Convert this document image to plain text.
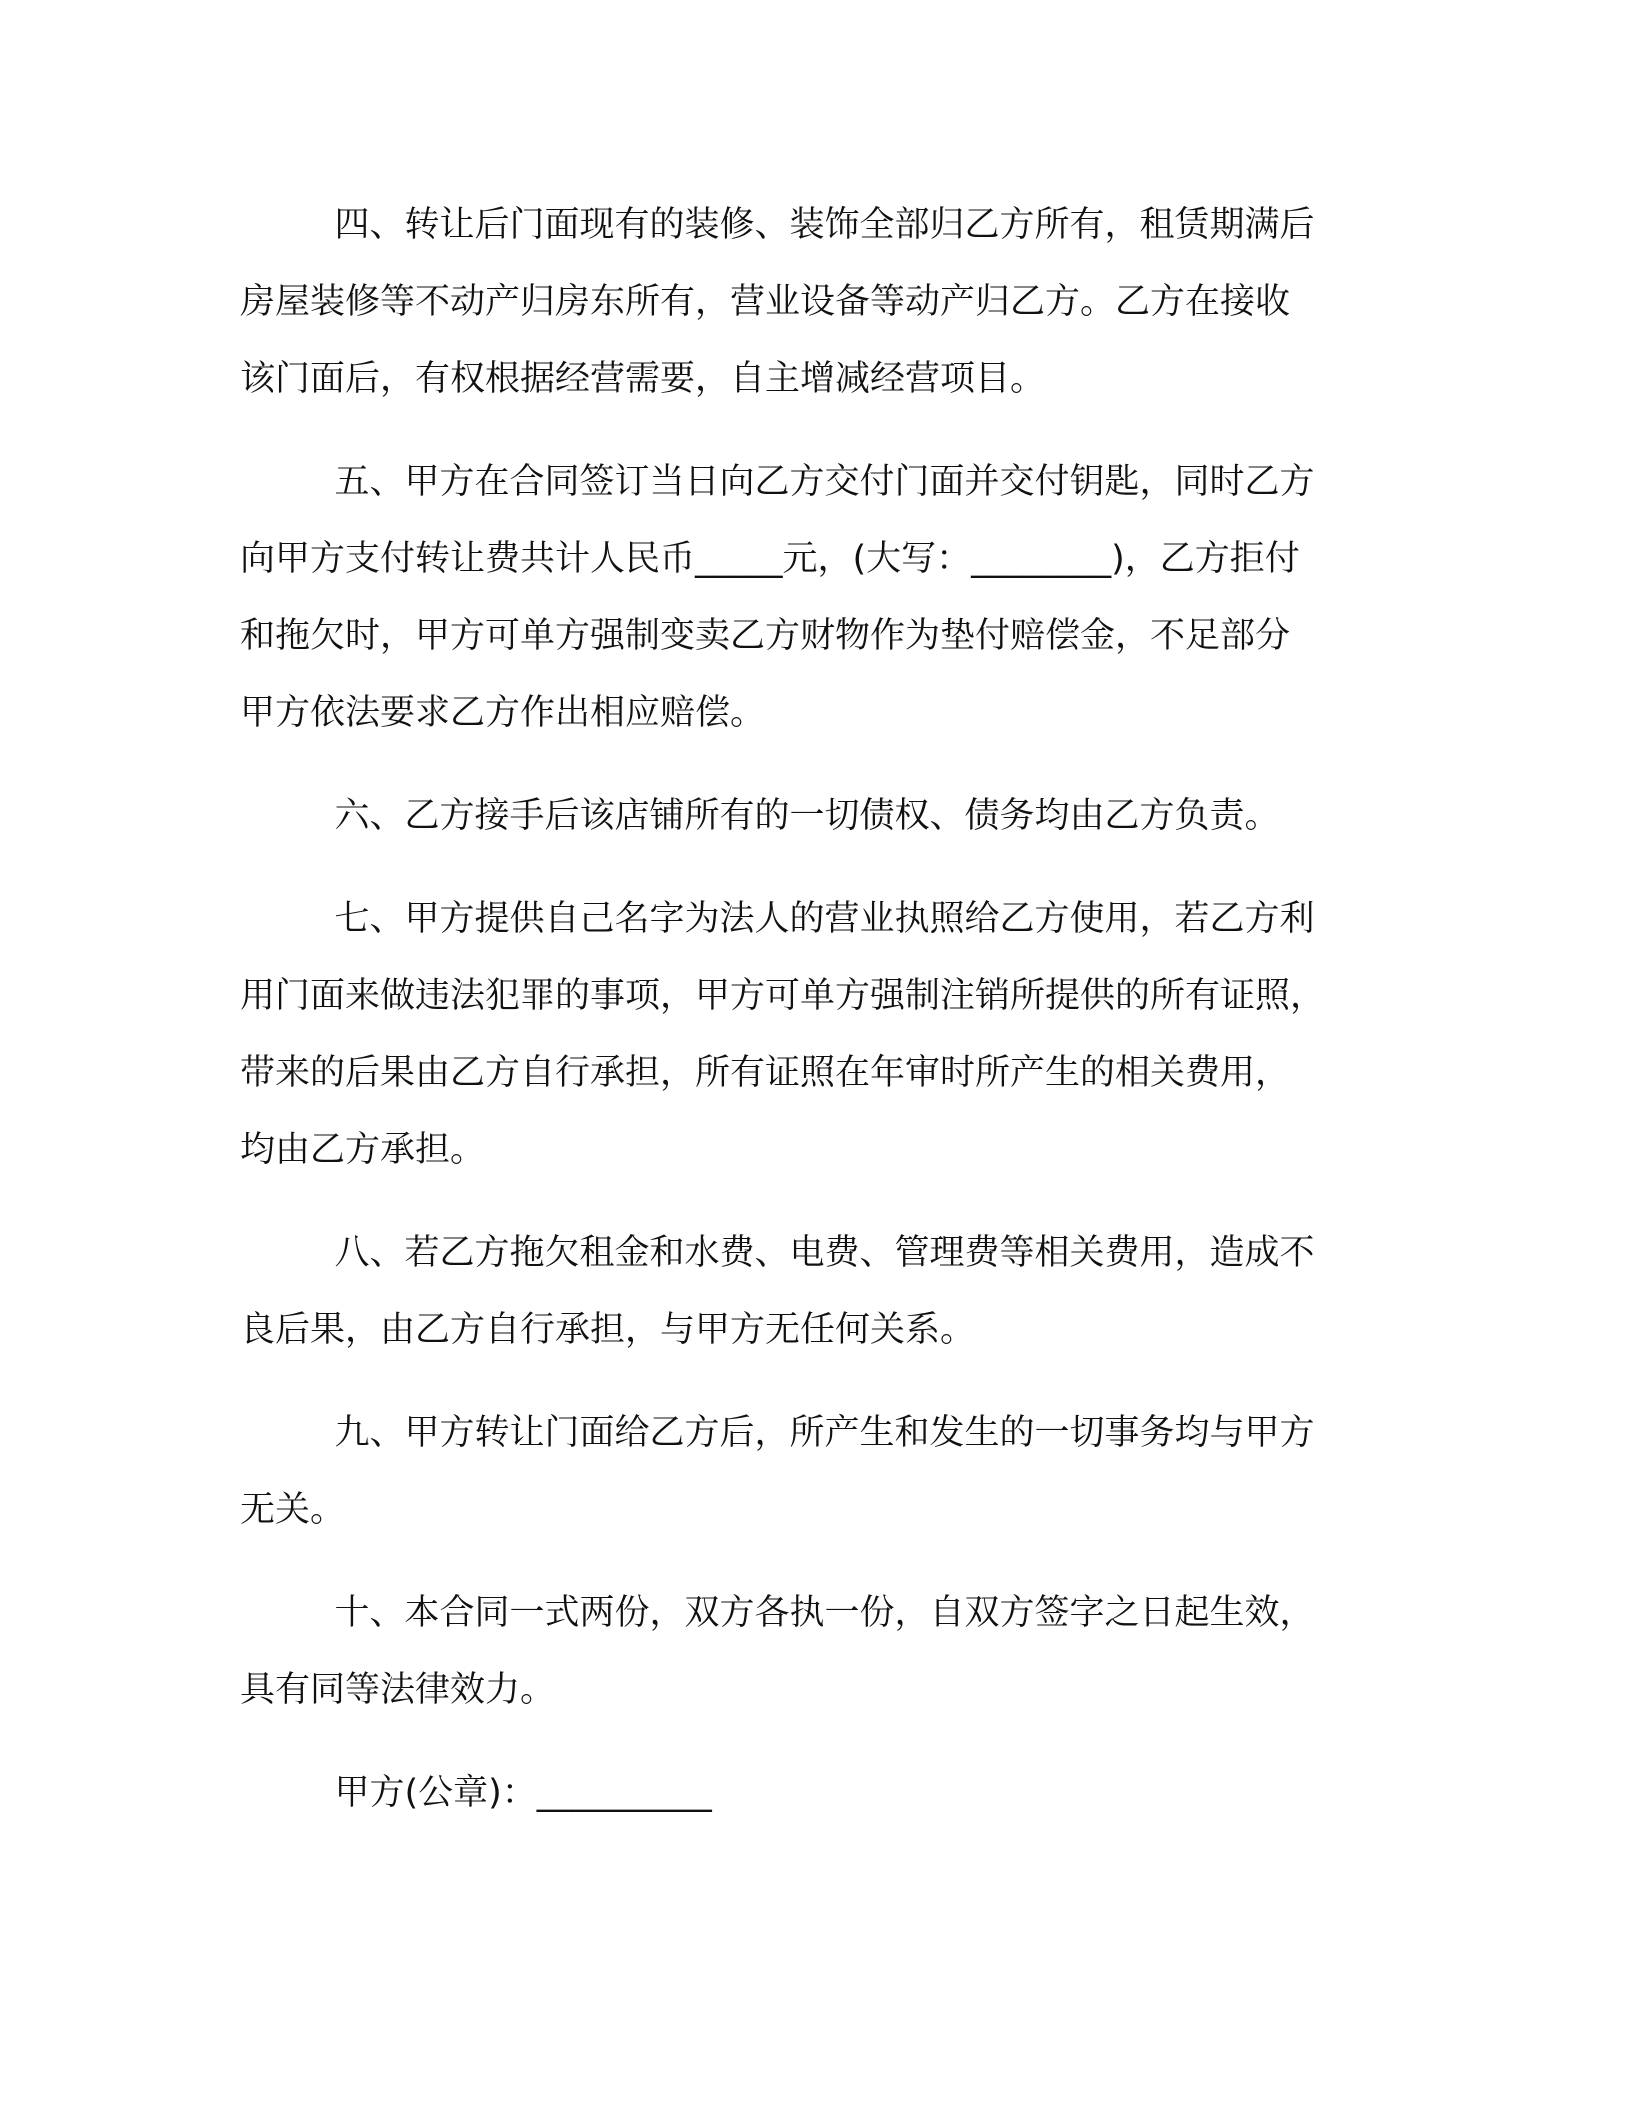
四、转让后门面现有的装修、装饰全部归乙方所有，租赁期满后
房屋装修等不动产归房东所有，营业设备等动产归乙方。乙方在接收
该门面后，有权根据经营需要，自主增减经营项目。
五、甲方在合同签订当日向乙方交付门面并交付钥匙，同时乙方
向甲方支付转让费共计人民币_____元，(大写：________)，乙方拒付
和拖欠时，甲方可单方强制变卖乙方财物作为垫付赔偿金，不足部分
甲方依法要求乙方作出相应赔偿。
六、乙方接手后该店铺所有的一切债权、债务均由乙方负责。
七、甲方提供自己名字为法人的营业执照给乙方使用，若乙方利
用门面来做违法犯罪的事项，甲方可单方强制注销所提供的所有证照，
带来的后果由乙方自行承担，所有证照在年审时所产生的相关费用，
均由乙方承担。
八、若乙方拖欠租金和水费、电费、管理费等相关费用，造成不
良后果，由乙方自行承担，与甲方无任何关系。
九、甲方转让门面给乙方后，所产生和发生的一切事务均与甲方
无关。
十、本合同一式两份，双方各执一份，自双方签字之日起生效，
具有同等法律效力。

甲方(公章)：__________
